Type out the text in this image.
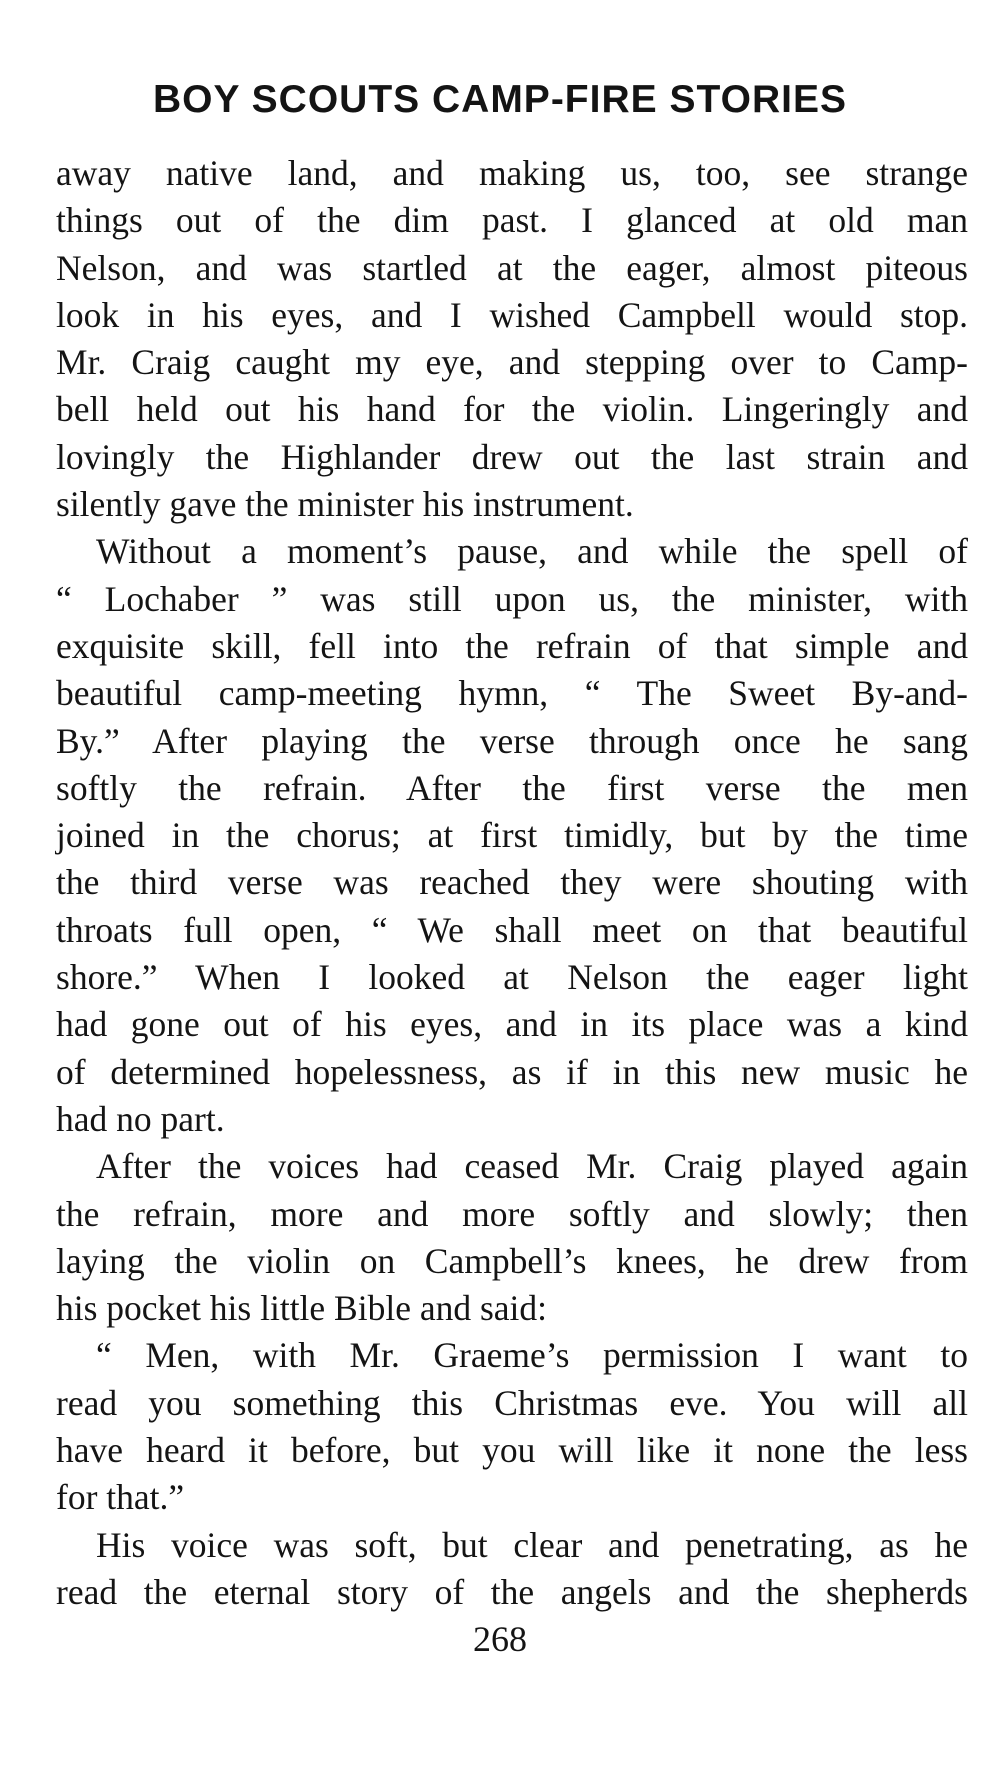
BOY SCOUTS CAMP-FIRE STORIES
away native land, and making us, too, see strange
things out of the dim past. I glanced at old man
Nelson, and was startled at the eager, almost piteous
look in his eyes, and I wished Campbell would stop.
Mr. Craig caught my eye, and stepping over to Camp-
bell held out his hand for the violin. Lingeringly and
lovingly the Highlander drew out the last strain and
silently gave the minister his instrument.
Without a moment’s pause, and while the spell of
“ Lochaber ” was still upon us, the minister, with
exquisite skill, fell into the refrain of that simple and
beautiful camp-meeting hymn, “ The Sweet By-and-
By.” After playing the verse through once he sang
softly the refrain. After the first verse the men
joined in the chorus; at first timidly, but by the time
the third verse was reached they were shouting with
throats full open, “ We shall meet on that beautiful
shore.” When I looked at Nelson the eager light
had gone out of his eyes, and in its place was a kind
of determined hopelessness, as if in this new music he
had no part.
After the voices had ceased Mr. Craig played again
the refrain, more and more softly and slowly; then
laying the violin on Campbell’s knees, he drew from
his pocket his little Bible and said:
“ Men, with Mr. Graeme’s permission I want to
read you something this Christmas eve. You will all
have heard it before, but you will like it none the less
for that.”
His voice was soft, but clear and penetrating, as he
read the eternal story of the angels and the shepherds
268
